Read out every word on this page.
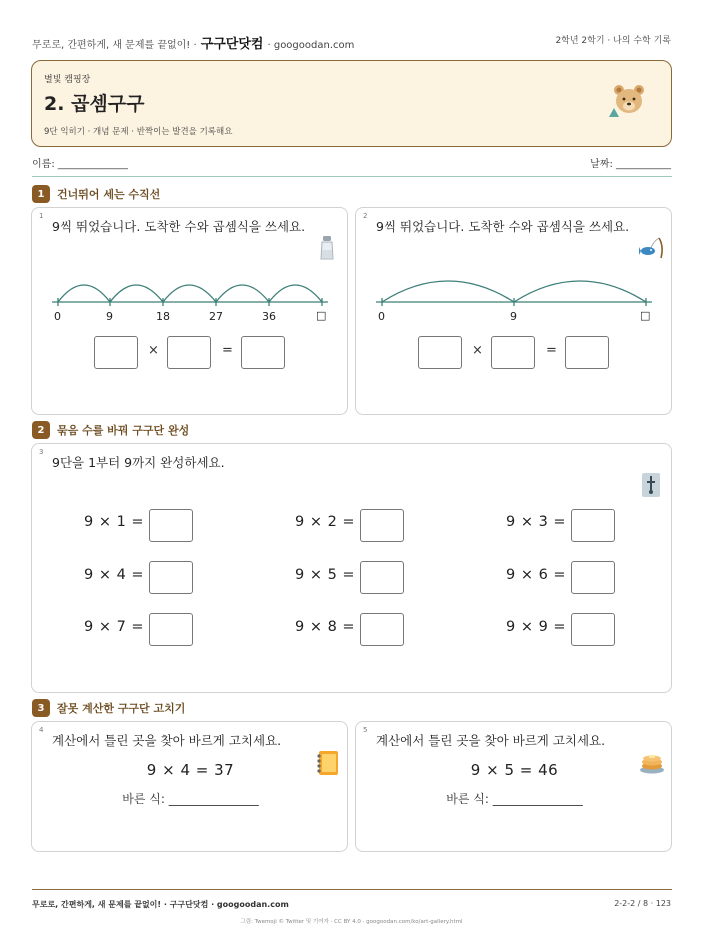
무로로, 간편하게, 새 문제를 끝없이! · 구구단닷컴 · googoodan.com	2학년 2학기 · 나의 수학 기록
별빛 캠핑장
2. 곱셈구구
9단 익히기 · 개념 문제 · 반짝이는 발견을 기록해요
이름: ______________	날짜: ___________
1	건너뛰어 세는 수직선
1
9씩 뛰었습니다. 도착한 수와 곱셈식을 쓰세요.
0	9	18	27	36	□
×	=
2
9씩 뛰었습니다. 도착한 수와 곱셈식을 쓰세요.
0	9	□
×	=
2	묶음 수를 바꿔 구구단 완성
3
9단을 1부터 9까지 완성하세요.
9 × 1 =	9 × 2 =	9 × 3 =
9 × 4 =	9 × 5 =	9 × 6 =
9 × 7 =	9 × 8 =	9 × 9 =
3	잘못 계산한 구구단 고치기
4
계산에서 틀린 곳을 찾아 바르게 고치세요.
9 × 4 = 37
바른 식: _______________
5
계산에서 틀린 곳을 찾아 바르게 고치세요.
9 × 5 = 46
바른 식: _______________
무로로, 간편하게, 새 문제를 끝없이! · 구구단닷컴 · googoodan.com	2-2-2 / 8 · 123
그림: Twemoji © Twitter 및 기여자 · CC BY 4.0 · googoodan.com/ko/art-gallery.html
